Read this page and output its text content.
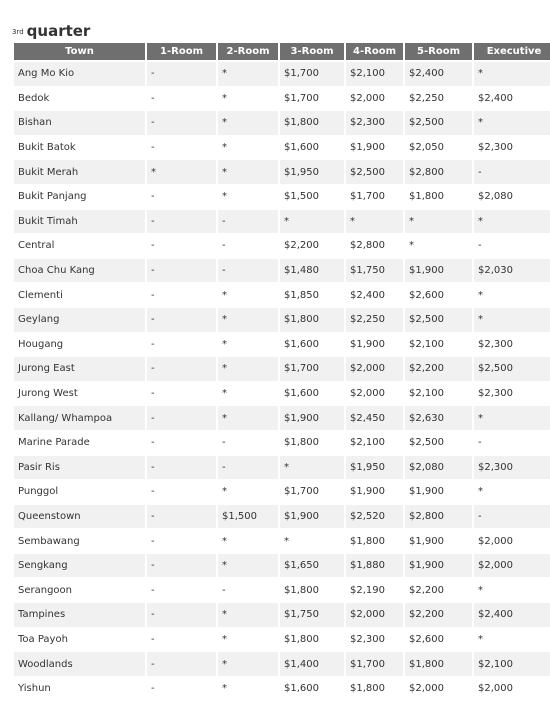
3rd quarter
Town	1-Room	2-Room	3-Room	4-Room	5-Room	Executive
Ang Mo Kio	-	*	$1,700	$2,100	$2,400	*
Bedok	-	*	$1,700	$2,000	$2,250	$2,400
Bishan	-	*	$1,800	$2,300	$2,500	*
Bukit Batok	-	*	$1,600	$1,900	$2,050	$2,300
Bukit Merah	*	*	$1,950	$2,500	$2,800	-
Bukit Panjang	-	*	$1,500	$1,700	$1,800	$2,080
Bukit Timah	-	-	*	*	*	*
Central	-	-	$2,200	$2,800	*	-
Choa Chu Kang	-	-	$1,480	$1,750	$1,900	$2,030
Clementi	-	*	$1,850	$2,400	$2,600	*
Geylang	-	*	$1,800	$2,250	$2,500	*
Hougang	-	*	$1,600	$1,900	$2,100	$2,300
Jurong East	-	*	$1,700	$2,000	$2,200	$2,500
Jurong West	-	*	$1,600	$2,000	$2,100	$2,300
Kallang/ Whampoa	-	*	$1,900	$2,450	$2,630	*
Marine Parade	-	-	$1,800	$2,100	$2,500	-
Pasir Ris	-	-	*	$1,950	$2,080	$2,300
Punggol	-	*	$1,700	$1,900	$1,900	*
Queenstown	-	$1,500	$1,900	$2,520	$2,800	-
Sembawang	-	*	*	$1,800	$1,900	$2,000
Sengkang	-	*	$1,650	$1,880	$1,900	$2,000
Serangoon	-	-	$1,800	$2,190	$2,200	*
Tampines	-	*	$1,750	$2,000	$2,200	$2,400
Toa Payoh	-	*	$1,800	$2,300	$2,600	*
Woodlands	-	*	$1,400	$1,700	$1,800	$2,100
Yishun	-	*	$1,600	$1,800	$2,000	$2,000
